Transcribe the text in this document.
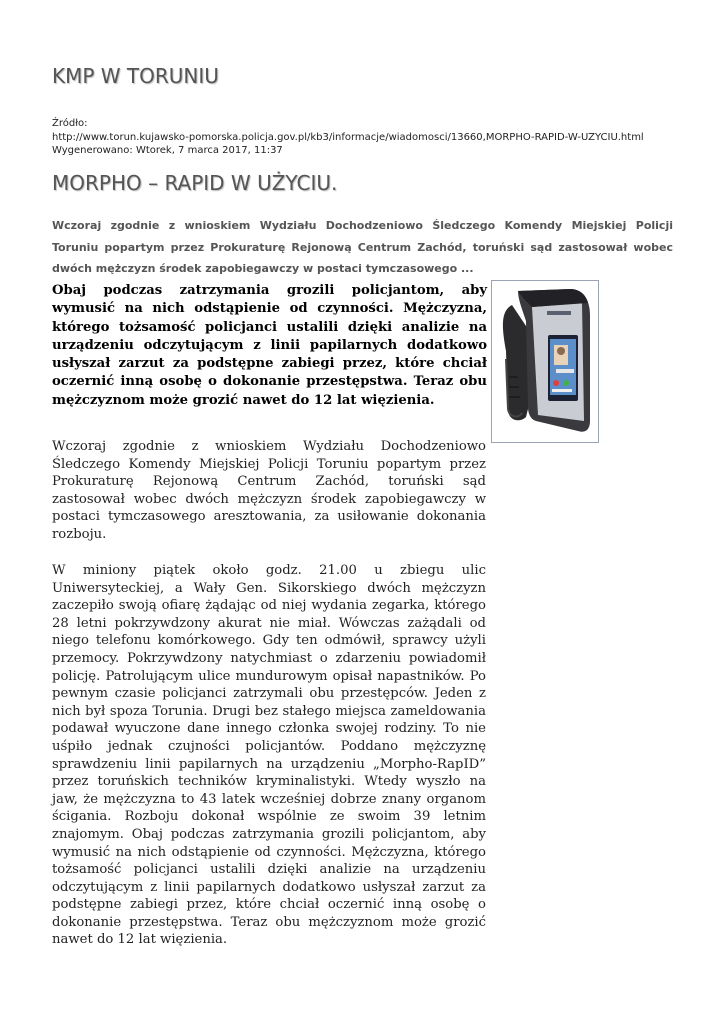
KMP W TORUNIU
Źródło:
http://www.torun.kujawsko-pomorska.policja.gov.pl/kb3/informacje/wiadomosci/13660,MORPHO-RAPID-W-UZYCIU.html
Wygenerowano: Wtorek, 7 marca 2017, 11:37
MORPHO – RAPID W UŻYCIU.

Wczoraj zgodnie z wnioskiem Wydziału Dochodzeniowo Śledczego Komendy Miejskiej Policji Toruniu popartym przez Prokuraturę Rejonową Centrum Zachód, toruński sąd zastosował wobec dwóch mężczyzn środek zapobiegawczy w postaci tymczasowego ...

Obaj podczas zatrzymania grozili policjantom, aby wymusić na nich odstąpienie od czynności. Mężczyzna, którego tożsamość policjanci ustalili dzięki analizie na urządzeniu odczytującym z linii papilarnych dodatkowo usłyszał zarzut za podstępne zabiegi przez, które chciał oczernić inną osobę o dokonanie przestępstwa. Teraz obu mężczyznom może grozić nawet do 12 lat więzienia.

Wczoraj zgodnie z wnioskiem Wydziału Dochodzeniowo Śledczego Komendy Miejskiej Policji Toruniu popartym przez Prokuraturę Rejonową Centrum Zachód, toruński sąd zastosował wobec dwóch mężczyzn środek zapobiegawczy w postaci tymczasowego aresztowania, za usiłowanie dokonania rozboju.

W miniony piątek około godz. 21.00 u zbiegu ulic Uniwersyteckiej, a Wały Gen. Sikorskiego dwóch mężczyzn zaczepiło swoją ofiarę żądając od niej wydania zegarka, którego 28 letni pokrzywdzony akurat nie miał. Wówczas zażądali od niego telefonu komórkowego. Gdy ten odmówił, sprawcy użyli przemocy. Pokrzywdzony natychmiast o zdarzeniu powiadomił policję. Patrolującym ulice mundurowym opisał napastników. Po pewnym czasie policjanci zatrzymali obu przestępców. Jeden z nich był spoza Torunia. Drugi bez stałego miejsca zameldowania podawał wyuczone dane innego członka swojej rodziny. To nie uśpiło jednak czujności policjantów. Poddano mężczyznę sprawdzeniu linii papilarnych na urządzeniu „Morpho-RapID” przez toruńskich techników kryminalistyki. Wtedy wyszło na jaw, że mężczyzna to 43 latek wcześniej dobrze znany organom ścigania. Rozboju dokonał wspólnie ze swoim 39 letnim znajomym. Obaj podczas zatrzymania grozili policjantom, aby wymusić na nich odstąpienie od czynności. Mężczyzna, którego tożsamość policjanci ustalili dzięki analizie na urządzeniu odczytującym z linii papilarnych dodatkowo usłyszał zarzut za podstępne zabiegi przez, które chciał oczernić inną osobę o dokonanie przestępstwa. Teraz obu mężczyznom może grozić nawet do 12 lat więzienia.
